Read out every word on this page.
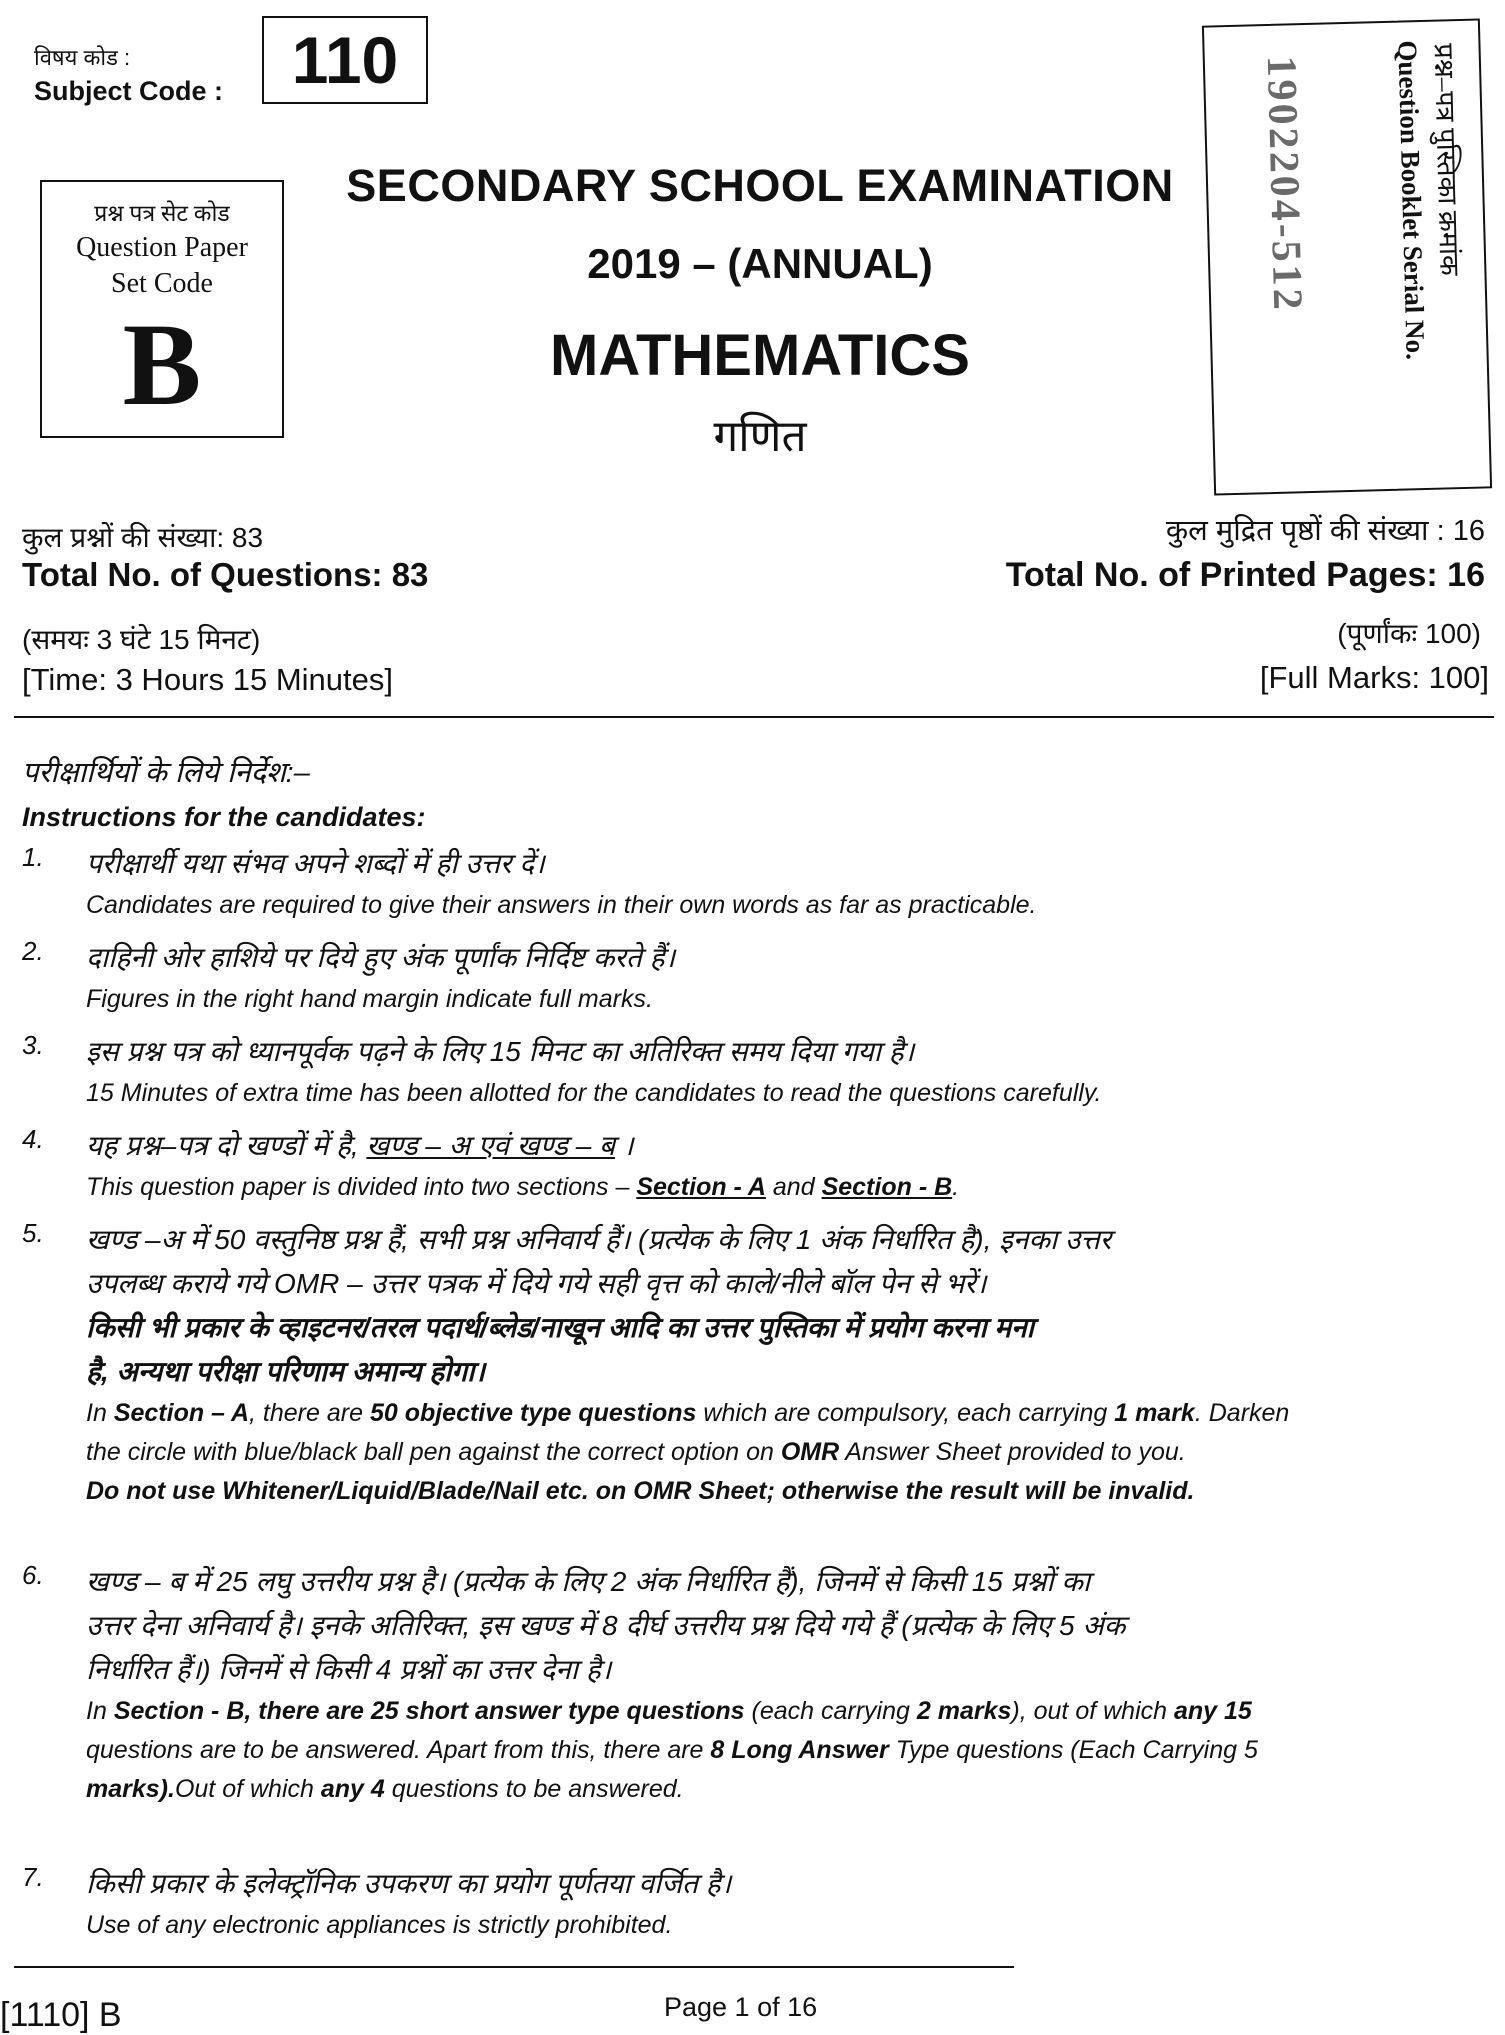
विषय कोड :
Subject Code :	110
प्रश्न पत्र सेट कोड
Question Paper
Set Code
B
SECONDARY SCHOOL EXAMINATION
2019 – (ANNUAL)
MATHEMATICS
गणित
प्रश्न–पत्र पुस्तिका क्रमांक
Question Booklet Serial No.
1902204-512
कुल प्रश्नों की संख्या: 83
Total No. of Questions: 83
(समयः 3 घंटे 15 मिनट)
[Time: 3 Hours 15 Minutes]
कुल मुद्रित पृष्ठों की संख्या : 16
Total No. of Printed Pages: 16
(पूर्णांकः 100)
[Full Marks: 100]
परीक्षार्थियों के लिये निर्देश:–
Instructions for the candidates:
1. परीक्षार्थी यथा संभव अपने शब्दों में ही उत्तर दें।
Candidates are required to give their answers in their own words as far as practicable.
2. दाहिनी ओर हाशिये पर दिये हुए अंक पूर्णांक निर्दिष्ट करते हैं।
Figures in the right hand margin indicate full marks.
3. इस प्रश्न पत्र को ध्यानपूर्वक पढ़ने के लिए 15 मिनट का अतिरिक्त समय दिया गया है।
15 Minutes of extra time has been allotted for the candidates to read the questions carefully.
4. यह प्रश्न–पत्र दो खण्डों में है, खण्ड – अ एवं खण्ड – ब ।
This question paper is divided into two sections – Section - A and Section - B.
5. खण्ड –अ में 50 वस्तुनिष्ठ प्रश्न हैं, सभी प्रश्न अनिवार्य हैं। (प्रत्येक के लिए 1 अंक निर्धारित है), इनका उत्तर
उपलब्ध कराये गये OMR – उत्तर पत्रक में दिये गये सही वृत्त को काले/नीले बॉल पेन से भरें।
किसी भी प्रकार के व्हाइटनर/तरल पदार्थ/ब्लेड/नाखून आदि का उत्तर पुस्तिका में प्रयोग करना मना
है, अन्यथा परीक्षा परिणाम अमान्य होगा।
In Section – A, there are 50 objective type questions which are compulsory, each carrying 1 mark. Darken
the circle with blue/black ball pen against the correct option on OMR Answer Sheet provided to you.
Do not use Whitener/Liquid/Blade/Nail etc. on OMR Sheet; otherwise the result will be invalid.
6. खण्ड – ब में 25 लघु उत्तरीय प्रश्न है। (प्रत्येक के लिए 2 अंक निर्धारित हैं), जिनमें से किसी 15 प्रश्नों का
उत्तर देना अनिवार्य है। इनके अतिरिक्त, इस खण्ड में 8 दीर्घ उत्तरीय प्रश्न दिये गये हैं (प्रत्येक के लिए 5 अंक
निर्धारित हैं।) जिनमें से किसी 4 प्रश्नों का उत्तर देना है।
In Section - B, there are 25 short answer type questions (each carrying 2 marks), out of which any 15
questions are to be answered. Apart from this, there are 8 Long Answer Type questions (Each Carrying 5
marks).Out of which any 4 questions to be answered.
7. किसी प्रकार के इलेक्ट्रॉनिक उपकरण का प्रयोग पूर्णतया वर्जित है।
Use of any electronic appliances is strictly prohibited.
[1110] B	Page 1 of 16
